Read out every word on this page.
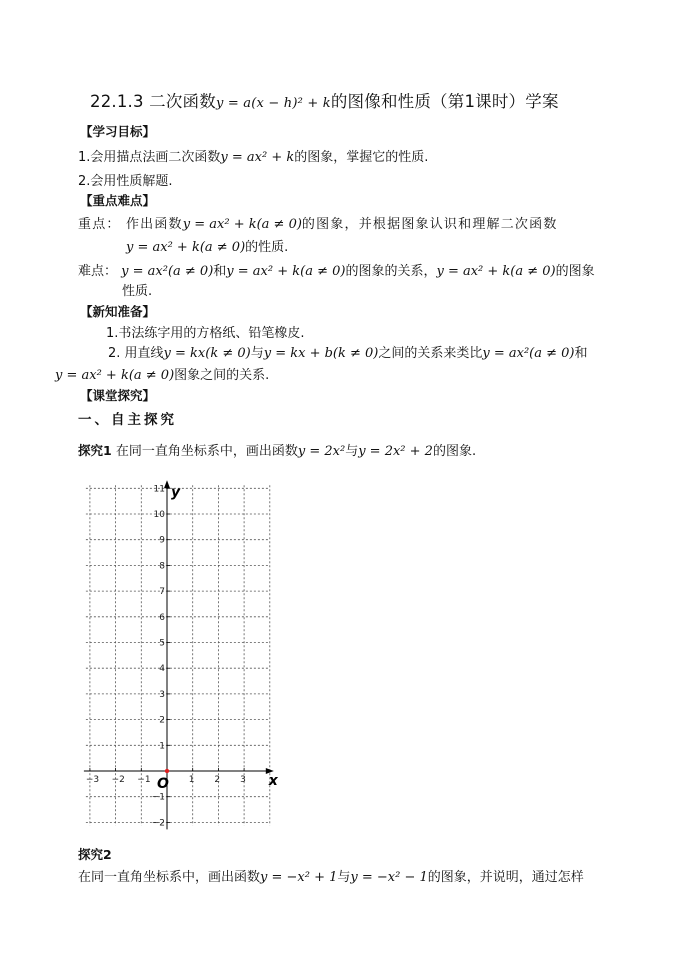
22.1.3 二次函数y = a(x − h)² + k的图像和性质（第1课时）学案
【学习目标】
1.会用描点法画二次函数y = ax² + k的图象，掌握它的性质.
2.会用性质解题.
【重点难点】
重点： 作出函数y = ax² + k(a ≠ 0)的图象，并根据图象认识和理解二次函数
y = ax² + k(a ≠ 0)的性质.
难点： y = ax²(a ≠ 0)和y = ax² + k(a ≠ 0)的图象的关系，y = ax² + k(a ≠ 0)的图象
性质.
【新知准备】
1.书法练字用的方格纸、铅笔橡皮.
2. 用直线y = kx(k ≠ 0)与y = kx + b(k ≠ 0)之间的关系来类比y = ax²(a ≠ 0)和
y = ax² + k(a ≠ 0)图象之间的关系.
【课堂探究】
一、自主探究
探究1 在同一直角坐标系中，画出函数y = 2x²与y = 2x² + 2的图象.
x
y
O
−3 −2 −1	1 2 3
11
10
9
8
7
6
5
4
3
2
1
−1
−2
探究2
在同一直角坐标系中，画出函数y = −x² + 1与y = −x² − 1的图象，并说明，通过怎样
